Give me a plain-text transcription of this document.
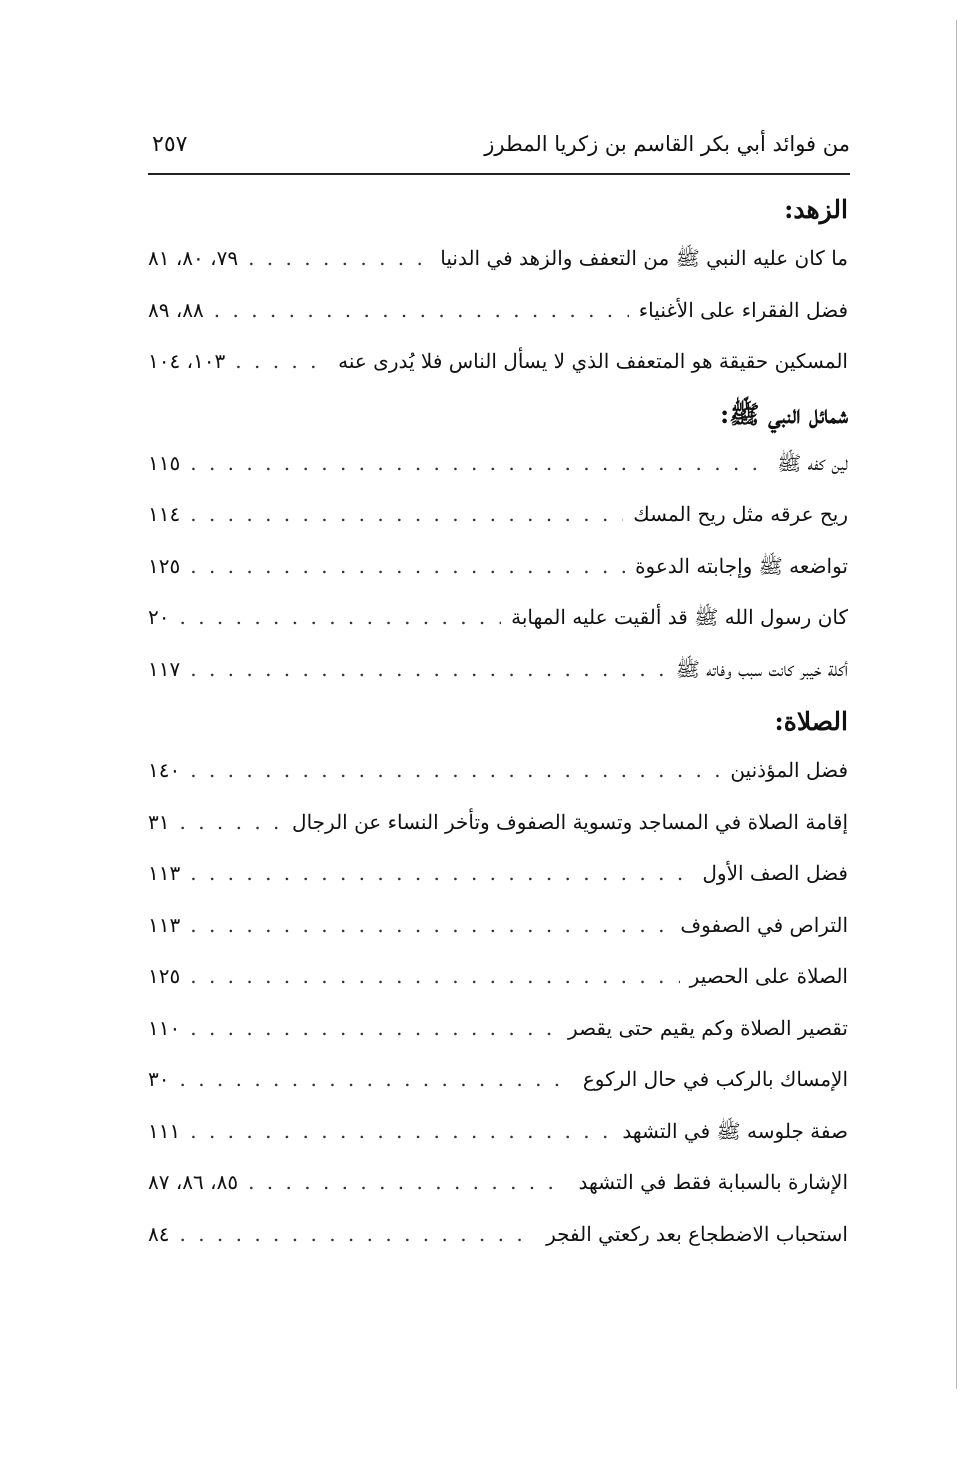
من فوائد أبي بكر القاسم بن زكريا المطرز
٢٥٧
الزهد:
ما كان عليه النبي ﷺ من التعفف والزهد في الدنيا
. . .
٧٩، ٨٠، ٨١
فضل الفقراء على الأغنياء
. . .
٨٨، ٨٩
المسكين حقيقة هو المتعفف الذي لا يسأل الناس فلا يُدرى عنه
. . .
١٠٣، ١٠٤
شمائل النبي ﷺ:
لين كفه ﷺ
. . .
١١٥
ريح عرقه مثل ريح المسك
. . .
١١٤
تواضعه ﷺ وإجابته الدعوة
. . .
١٢٥
كان رسول الله ﷺ قد ألقيت عليه المهابة
. . .
٢٠
أكلة خيبر كانت سبب وفاته ﷺ
. . .
١١٧
الصلاة:
فضل المؤذنين
. . .
١٤٠
إقامة الصلاة في المساجد وتسوية الصفوف وتأخر النساء عن الرجال
. . .
٣١
فضل الصف الأول
. . .
١١٣
التراص في الصفوف
. . .
١١٣
الصلاة على الحصير
. . .
١٢٥
تقصير الصلاة وكم يقيم حتى يقصر
. . .
١١٠
الإمساك بالركب في حال الركوع
. . .
٣٠
صفة جلوسه ﷺ في التشهد
. . .
١١١
الإشارة بالسبابة فقط في التشهد
. . .
٨٥، ٨٦، ٨٧
استحباب الاضطجاع بعد ركعتي الفجر
. . .
٨٤
